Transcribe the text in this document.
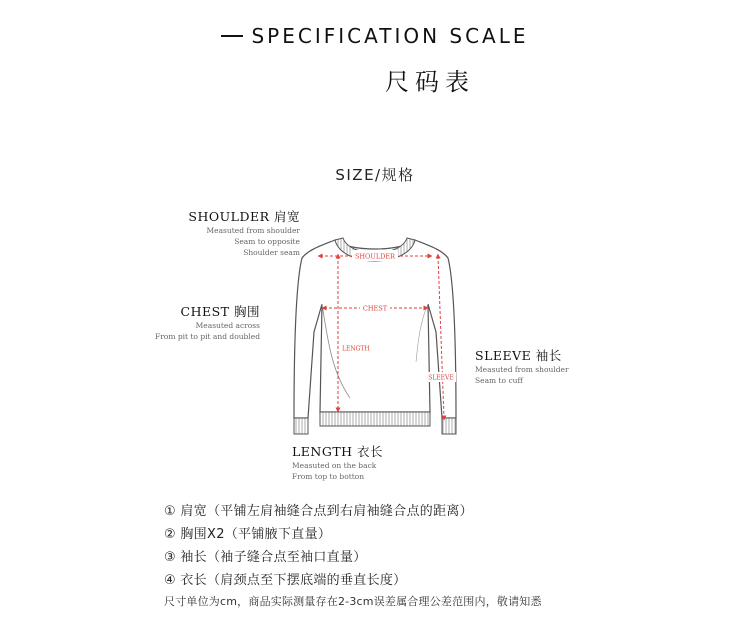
SPECIFICATION SCALE
尺码表
SIZE/规格
SHOULDER 肩宽
Measuted from shoulder
Seam to opposite
Shoulder seam
CHEST 胸围
Measuted across
From pit to pit and doubled
SLEEVE 袖长
Measuted from shoulder
Seam to cuff
LENGTH 衣长
Measuted on the back
From top to botton
SHOULDER
CHEST
LENGTH
SLEEVE
① 肩宽（平铺左肩袖缝合点到右肩袖缝合点的距离）
② 胸围X2（平铺腋下直量）
③ 袖长（袖子缝合点至袖口直量）
④ 衣长（肩颈点至下摆底端的垂直长度）
尺寸单位为cm，商品实际测量存在2-3cm误差属合理公差范围内，敬请知悉
